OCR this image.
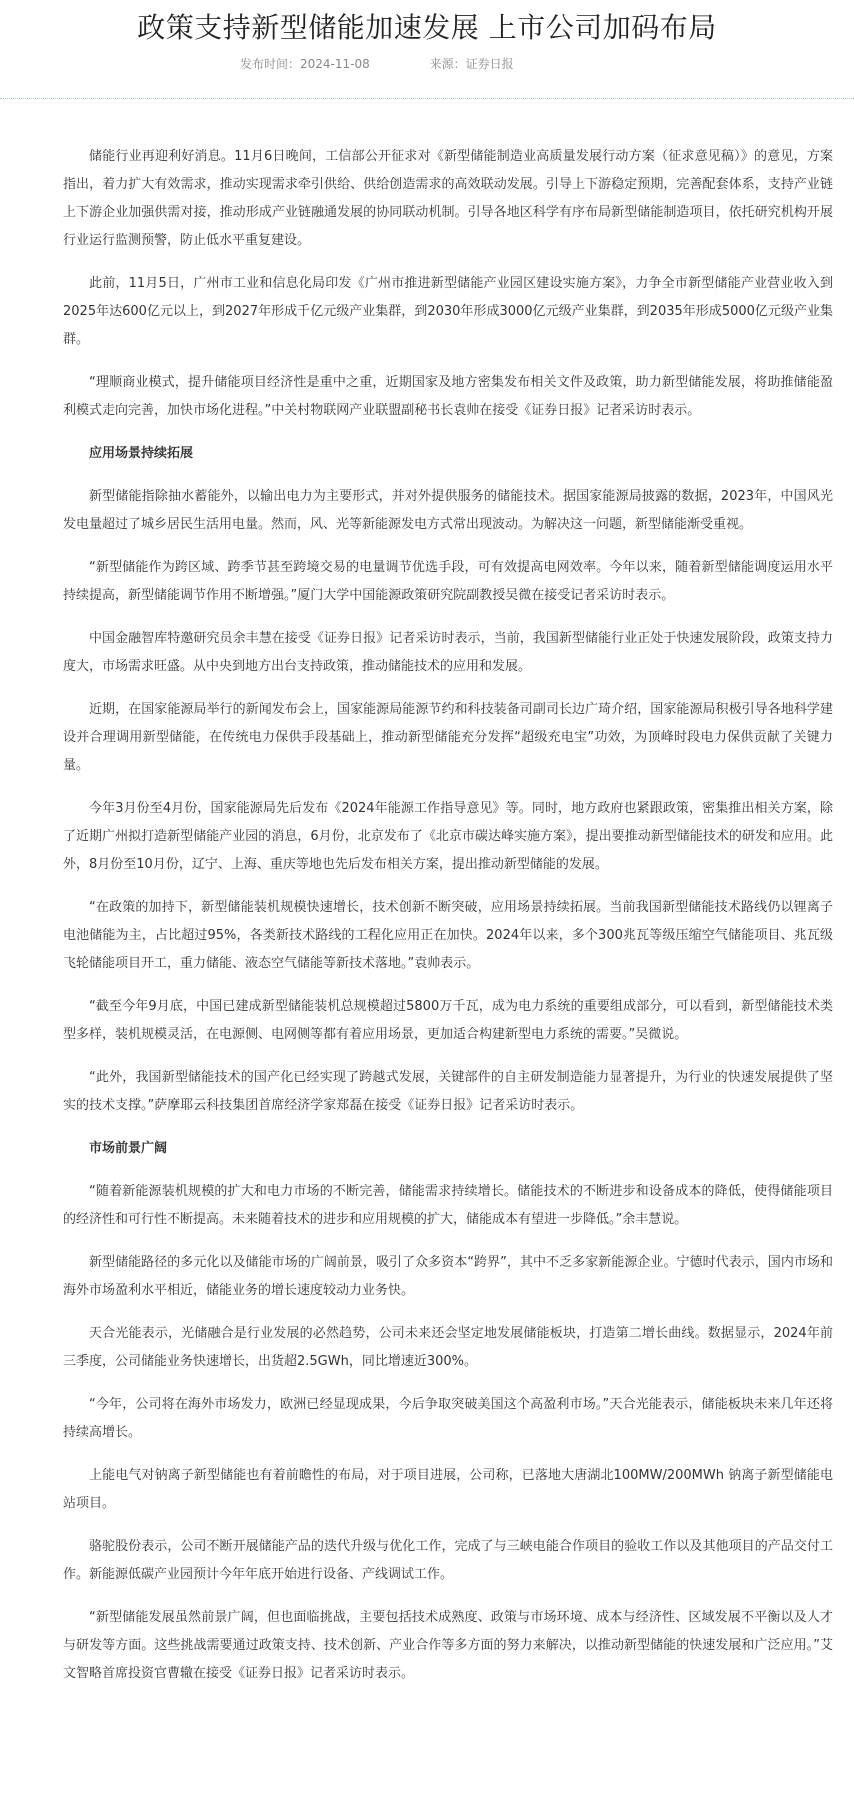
政策支持新型储能加速发展 上市公司加码布局
发布时间：2024-11-08	来源：证券日报

储能行业再迎利好消息。11月6日晚间，工信部公开征求对《新型储能制造业高质量发展行动方案（征求意见稿）》的意见，方案指出，着力扩大有效需求，推动实现需求牵引供给、供给创造需求的高效联动发展。引导上下游稳定预期，完善配套体系，支持产业链上下游企业加强供需对接，推动形成产业链融通发展的协同联动机制。引导各地区科学有序布局新型储能制造项目，依托研究机构开展行业运行监测预警，防止低水平重复建设。

此前，11月5日，广州市工业和信息化局印发《广州市推进新型储能产业园区建设实施方案》，力争全市新型储能产业营业收入到2025年达600亿元以上，到2027年形成千亿元级产业集群，到2030年形成3000亿元级产业集群，到2035年形成5000亿元级产业集群。

“理顺商业模式，提升储能项目经济性是重中之重，近期国家及地方密集发布相关文件及政策，助力新型储能发展，将助推储能盈利模式走向完善，加快市场化进程。”中关村物联网产业联盟副秘书长袁帅在接受《证券日报》记者采访时表示。

应用场景持续拓展

新型储能指除抽水蓄能外，以输出电力为主要形式，并对外提供服务的储能技术。据国家能源局披露的数据，2023年，中国风光发电量超过了城乡居民生活用电量。然而，风、光等新能源发电方式常出现波动。为解决这一问题，新型储能渐受重视。

“新型储能作为跨区域、跨季节甚至跨境交易的电量调节优选手段，可有效提高电网效率。今年以来，随着新型储能调度运用水平持续提高，新型储能调节作用不断增强。”厦门大学中国能源政策研究院副教授吴微在接受记者采访时表示。

中国金融智库特邀研究员余丰慧在接受《证券日报》记者采访时表示，当前，我国新型储能行业正处于快速发展阶段，政策支持力度大，市场需求旺盛。从中央到地方出台支持政策，推动储能技术的应用和发展。

近期，在国家能源局举行的新闻发布会上，国家能源局能源节约和科技装备司副司长边广琦介绍，国家能源局积极引导各地科学建设并合理调用新型储能，在传统电力保供手段基础上，推动新型储能充分发挥“超级充电宝”功效，为顶峰时段电力保供贡献了关键力量。

今年3月份至4月份，国家能源局先后发布《2024年能源工作指导意见》等。同时，地方政府也紧跟政策，密集推出相关方案，除了近期广州拟打造新型储能产业园的消息，6月份，北京发布了《北京市碳达峰实施方案》，提出要推动新型储能技术的研发和应用。此外，8月份至10月份，辽宁、上海、重庆等地也先后发布相关方案，提出推动新型储能的发展。

“在政策的加持下，新型储能装机规模快速增长，技术创新不断突破，应用场景持续拓展。当前我国新型储能技术路线仍以锂离子电池储能为主，占比超过95%，各类新技术路线的工程化应用正在加快。2024年以来，多个300兆瓦等级压缩空气储能项目、兆瓦级飞轮储能项目开工，重力储能、液态空气储能等新技术落地。”袁帅表示。

“截至今年9月底，中国已建成新型储能装机总规模超过5800万千瓦，成为电力系统的重要组成部分，可以看到，新型储能技术类型多样，装机规模灵活，在电源侧、电网侧等都有着应用场景，更加适合构建新型电力系统的需要。”吴微说。

“此外，我国新型储能技术的国产化已经实现了跨越式发展，关键部件的自主研发制造能力显著提升，为行业的快速发展提供了坚实的技术支撑。”萨摩耶云科技集团首席经济学家郑磊在接受《证券日报》记者采访时表示。

市场前景广阔

“随着新能源装机规模的扩大和电力市场的不断完善，储能需求持续增长。储能技术的不断进步和设备成本的降低，使得储能项目的经济性和可行性不断提高。未来随着技术的进步和应用规模的扩大，储能成本有望进一步降低。”余丰慧说。

新型储能路径的多元化以及储能市场的广阔前景，吸引了众多资本“跨界”，其中不乏多家新能源企业。宁德时代表示，国内市场和海外市场盈利水平相近，储能业务的增长速度较动力业务快。

天合光能表示，光储融合是行业发展的必然趋势，公司未来还会坚定地发展储能板块，打造第二增长曲线。数据显示，2024年前三季度，公司储能业务快速增长，出货超2.5GWh，同比增速近300%。

“今年，公司将在海外市场发力，欧洲已经显现成果，今后争取突破美国这个高盈利市场。”天合光能表示，储能板块未来几年还将持续高增长。

上能电气对钠离子新型储能也有着前瞻性的布局，对于项目进展，公司称，已落地大唐湖北100MW/200MWh 钠离子新型储能电站项目。

骆驼股份表示，公司不断开展储能产品的迭代升级与优化工作，完成了与三峡电能合作项目的验收工作以及其他项目的产品交付工作。新能源低碳产业园预计今年年底开始进行设备、产线调试工作。

“新型储能发展虽然前景广阔，但也面临挑战，主要包括技术成熟度、政策与市场环境、成本与经济性、区域发展不平衡以及人才与研发等方面。这些挑战需要通过政策支持、技术创新、产业合作等多方面的努力来解决，以推动新型储能的快速发展和广泛应用。”艾文智略首席投资官曹辙在接受《证券日报》记者采访时表示。
